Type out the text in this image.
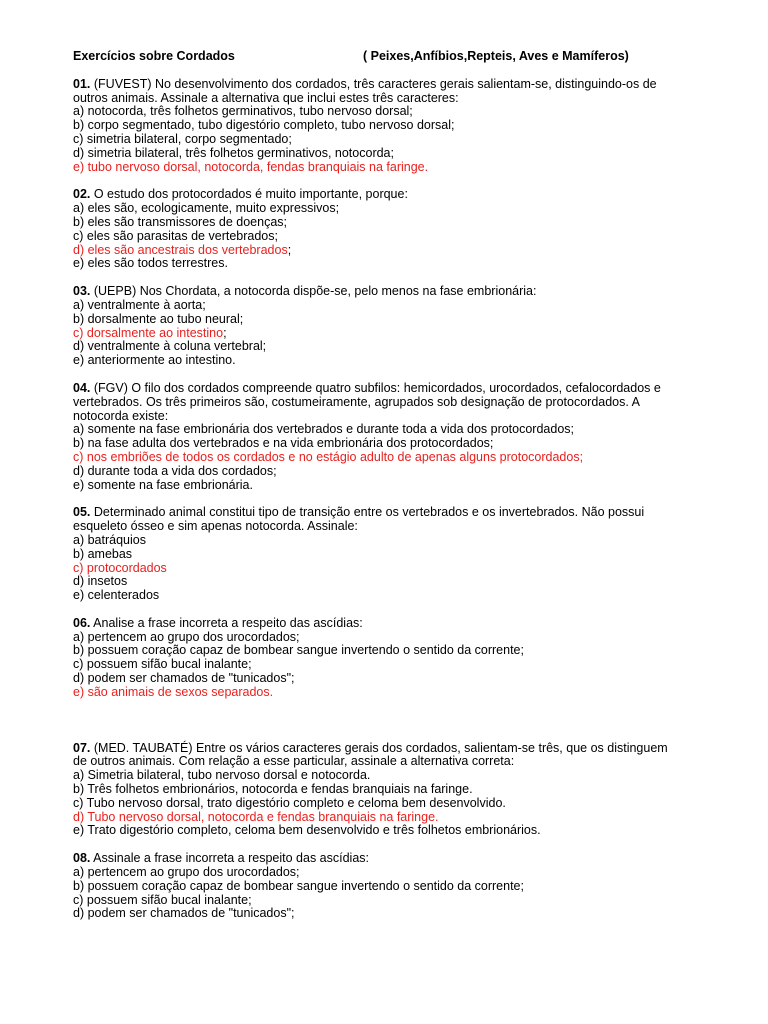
Exercícios sobre Cordados	( Peixes,Anfíbios,Repteis, Aves e Mamíferos)
01. (FUVEST) No desenvolvimento dos cordados, três caracteres gerais salientam-se, distinguindo-os de
outros animais. Assinale a alternativa que inclui estes três caracteres:
a) notocorda, três folhetos germinativos, tubo nervoso dorsal;
b) corpo segmentado, tubo digestório completo, tubo nervoso dorsal;
c) simetria bilateral, corpo segmentado;
d) simetria bilateral, três folhetos germinativos, notocorda;
e) tubo nervoso dorsal, notocorda, fendas branquiais na faringe.
02. O estudo dos protocordados é muito importante, porque:
a) eles são, ecologicamente, muito expressivos;
b) eles são transmissores de doenças;
c) eles são parasitas de vertebrados;
d) eles são ancestrais dos vertebrados;
e) eles são todos terrestres.
03. (UEPB) Nos Chordata, a notocorda dispõe-se, pelo menos na fase embrionária:
a) ventralmente à aorta;
b) dorsalmente ao tubo neural;
c) dorsalmente ao intestino;
d) ventralmente à coluna vertebral;
e) anteriormente ao intestino.
04. (FGV) O filo dos cordados compreende quatro subfilos: hemicordados, urocordados, cefalocordados e
vertebrados. Os três primeiros são, costumeiramente, agrupados sob designação de protocordados. A
notocorda existe:
a) somente na fase embrionária dos vertebrados e durante toda a vida dos protocordados;
b) na fase adulta dos vertebrados e na vida embrionária dos protocordados;
c) nos embriões de todos os cordados e no estágio adulto de apenas alguns protocordados;
d) durante toda a vida dos cordados;
e) somente na fase embrionária.
05. Determinado animal constitui tipo de transição entre os vertebrados e os invertebrados. Não possui
esqueleto ósseo e sim apenas notocorda. Assinale:
a) batráquios
b) amebas
c) protocordados
d) insetos
e) celenterados
06. Analise a frase incorreta a respeito das ascídias:
a) pertencem ao grupo dos urocordados;
b) possuem coração capaz de bombear sangue invertendo o sentido da corrente;
c) possuem sifão bucal inalante;
d) podem ser chamados de "tunicados";
e) são animais de sexos separados.
07. (MED. TAUBATÉ) Entre os vários caracteres gerais dos cordados, salientam-se três, que os distinguem
de outros animais. Com relação a esse particular, assinale a alternativa correta:
a) Simetria bilateral, tubo nervoso dorsal e notocorda.
b) Três folhetos embrionários, notocorda e fendas branquiais na faringe.
c) Tubo nervoso dorsal, trato digestório completo e celoma bem desenvolvido.
d) Tubo nervoso dorsal, notocorda e fendas branquiais na faringe.
e) Trato digestório completo, celoma bem desenvolvido e três folhetos embrionários.
08. Assinale a frase incorreta a respeito das ascídias:
a) pertencem ao grupo dos urocordados;
b) possuem coração capaz de bombear sangue invertendo o sentido da corrente;
c) possuem sifão bucal inalante;
d) podem ser chamados de "tunicados";
